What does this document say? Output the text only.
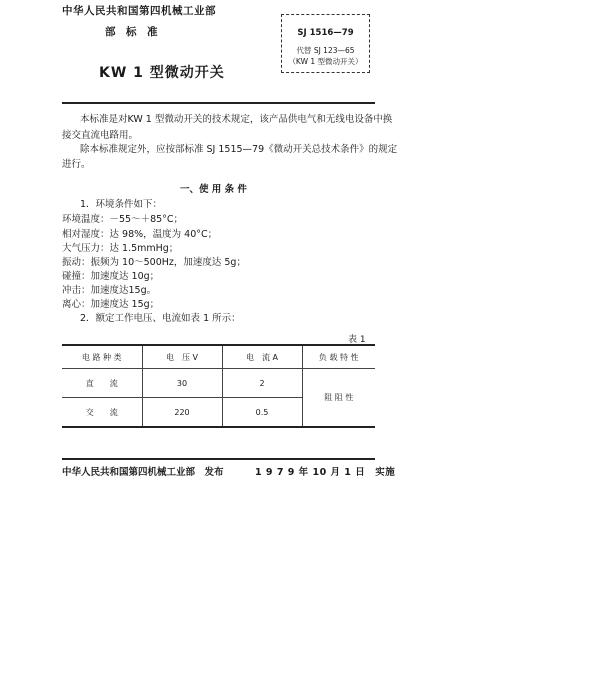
中华人民共和国第四机械工业部
部　标　准
KW 1 型微动开关
SJ 1516—79
代替 SJ 123—65
（KW 1 型微动开关）
本标准是对KW 1 型微动开关的技术规定，该产品供电气和无线电设备中换
接交直流电路用。
除本标准规定外，应按部标准 SJ 1515—79《微动开关总技术条件》的规定
进行。
一、使 用 条 件
1．环境条件如下：
环境温度：－55～＋85°C；
相对湿度：达 98%，温度为 40°C；
大气压力：达 1.5mmHg；
振动：振频为 10～500Hz，加速度达 5g；
碰撞：加速度达 10g；
冲击：加速度达15g。
离心：加速度达 15g；
2．额定工作电压、电流如表 1 所示：
表 1
电 路 种 类	电　压 V	电　流 A	负 载 特 性
直　　流	30	2	阻 阻 性
交　　流	220	0.5	
中华人民共和国第四机械工业部　发布	1 9 7 9 年 10 月 1 日　实施
